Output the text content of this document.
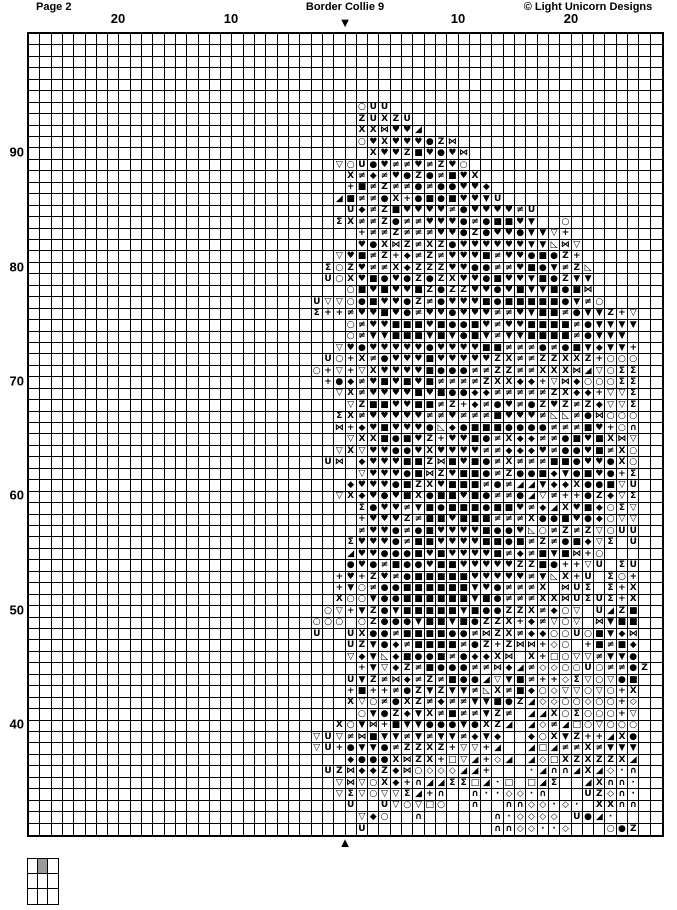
Page 2	Border Collie 9	© Light Unicorn Designs
20	10	10	20
90
80
70
60
50
40
▼
▲
○ U U
Z U X Z U
X X ⋈ ♥ ♥ ◢
○ ♥ X ♥ ♥ ♥ ● Z ⋈
X ♥ ♥ Z ■ ♥ ● ♥ ⋈
▽ ○ U ● ♥ ≠ ≠ ♥ ≠ Z ♥ ○
X ≠ ◆ ≠ ♥ ● Z ● ≠ ■ ♥ X
+ ■ ≠ Z ≠ ≠ ● ≠ ● ● ♥ ♥ ◆
◢ ■ ≠ ≠ ● X + ● ■ ● ■ ♥ ♥ ▼ U
U ◆ ≠ Z ■ ♥ ♥ ♥ ♥ ≠ ● ♥ ♥ ♥ ♥ ≠ U
Σ X ≠ ≠ Z ● ≠ ≠ ♥ ♥ ♥ ● ≠ ● ■ ■ ♥ ▼	○
+ ≠ ≠ Z ≠ ≠ ≠ ♥ ♥ ● Z ● ♥ ♥ ● ▼ ▼ ▽ +
♥ ● X ⋈ Z ≠ X Z ● ♥ ♥ ♥ ♥ ♥ ♥ ▼ ▼ ◺ ⋈ ▽
▽ ♥ ■ ≠ Z + ◆ ≠ Z ≠ ♥ ♥ ♥ ■ ≠ ♥ ♥ ● ■ ● Z +
Σ ○ Z ♥ ≠ ≠ X ◆ Z Z Z ♥ ♥ ● ● ≠ ≠ ♥ ■ ● ▼ ≠ Z ◺
U ○ X ♥ ■ ● ♥ ● Z ● Z X ♥ ♥ ● ■ ♥ ♥ ▼ ■ ● Z ▼ ▼
○ ■ ♥ ■ ♥ ♥ ■ Z ● Z Z ♥ ♥ ● ♥ ■ ▼ ▼ ■ ● ■ ⋈
U ▽ ▽ ○ ● ■ ♥ ♥ ● Z ≠ ● ♥ ♥ ♥ ■ ● ■ ■ ■ ■ ■ ● ▼ ≠ ○
Σ + + ≠ ♥ ♥ ■ ♥ ● ≠ ♥ ♥ ● ♥ ♥ ♥ ≠ ≠ ♥ ▼ ■ ■ ≠ ● ▼ ▼ Z + ▽
○ ≠ ♥ ♥ ■ ■ ■ ♥ ■ ● ● ■ ♥ ≠ ♥ ♥ ■ ■ ■ ■ ≠ ● ▼ ▼ ▼ ▼
○ ≠ ▼ ▼ ■ ■ ■ ▼ ■ ▼ ● ■ ▼ ≠ ▼ ▼ ■ ■ ■ ■ ≠ ● ▼ ▼ ▼
▽ ♥ ● ♥ ♥ ♥ ♥ ♥ ● ♥ ♥ ♥ ♥ ■ ■ ≠ ≠ ≠ ● ≠ ● ■ ▼ ◆ ▼ ▼ +
U ○ + X ≠ ● ♥ ♥ ♥ ■ ♥ ♥ ♥ ♥ ♥ Z X ≠ ≠ Z Z X X Z + ○ ○ ○
○ + ▽ + ▽ X ♥ ♥ ♥ ♥ ■ ● ● ● ≠ ≠ Z Z ≠ ≠ X X X ⋈ ◢ ▽ ○ Σ Σ
+ ● ◆ ≠ ♥ ■ ♥ ■ ♥ ■ ≠ ≠ ≠ ≠ Z X X ◆ ◆ + ▽ ⋈ ◆ ○ ○ ○ Σ Σ
▽ X ≠ ♥ ♥ ♥ ♥ ■ ♥ ■ ● ● ◆ ◆ ≠ ≠ ≠ ≠ ≠ Z X ◆ ◆ + ▽ ▽ Σ
▽ Z ■ ■ ♥ ♥ ■ ■ ≠ Z + ◆ ≠ ● ♥ ≠ ● Z ♥ Z ≠ Z ◆ ▽ ▽ Σ
Σ X ≠ ♥ ♥ ♥ ♥ ♥ ≠ ≠ ♥ ≠ ≠ ≠ ■ ♥ ♥ ♥ ≠ ◺ ◺ ≠ ● ⋈ ○ ○ ○
⋈ + ◆ ♥ ■ ♥ ♥ ♥ ● ◺ ◆ ● ■ ■ ■ ● ● ● ● ≠ ≠ ≠ ■ ♥ + ○ ∩
▽ X X ■ ● ■ ♥ Z + ♥ ♥ ■ ● ≠ X ◆ ◆ ≠ ≠ ● ■ ♥ ■ X ⋈ ▽
▽ X ▽ ♥ ♥ ● ● ♥ X ♥ ♥ ♥ ♥ ≠ ≠ ◆ ◆ ◆ ♥ ≠ ● ● ♥ ■ ≠ X ○
U ⋈ ◆ ♥ ♥ ♥ ■ ■ Z ⋈ ■ ♥ ■ ● ≠ X ≠ ≠ ≠ ■ ■ ● ♥ ♥ ● X ○
▽ ♥ ♥ ♥ ● ■ ⋈ Z ♥ ■ ■ ● ≠ Z ● ● ■ ◆ ▼ ● ■ ♥ ● + Σ
◆ ♥ ♥ ♥ ● ■ Z X ♥ ■ ■ ■ ≠ ● ≠ ◢ ◢ ▼ ◆ ◆ X ● ● ■ ▽ U
▽ X ◆ ♥ ● ♥ ■ X ● ■ ■ ♥ ■ ● ≠ ≠ ● ◢ ▽ ≠ + + ● Z ◆ ▽ Σ
Σ ● ♥ ♥ ≠ ▼ ■ ● ■ ■ ■ ● ■ ■ ♥ ≠ ◆ ◢ X ♥ ■ ◆ ○ Σ ▽
+ ♥ ♥ ♥ Z ≠ ■ ■ ♥ ■ ■ ■ ≠ ≠ ≠ X ● ● ■ ♥ ● ◆ ○ ▽ ▽
≠ ♥ ♥ ● ≠ ● ■ ♥ ♥ ♥ ♥ ■ ● ● ♥ ◺ ○ ≠ Z ≠ Z ▽ ○ U U
Σ ♥ ♥ ♥ ● ≠ ■ ■ ♥ ♥ ♥ ♥ ■ ■ ● ■ ≠ Z ≠ ● ■ ◆ ▽ Σ	U
◢ ♥ ♥ ● ● ● ■ ♥ ■ ♥ ♥ ♥ ♥ ■ ≠ ◆ ≠ ■ ▼ ■ ⋈ + ○
● ♥ ● ≠ ■ ● ● ♥ ■ ■ ♥ ♥ ♥ ♥ ♥ Z Z ■ ● + + ▽ U Σ U
+ ♥ + Z ♥ ≠ ● ■ ■ ■ ■ ■ ♥ ♥ ♥ ♥ ♥ ≠ ▼ ◺ X + U Σ ○ +
+ ▼ ○ ≠ ● ● ■ ■ ■ ■ ■ ■ ▼ ♥ ● ≠ ≠ ≠ X ⋈ U Σ	Σ + X
X ○ ○ ▼ ● ● ■ ■ ■ ■ ■ ■ ▼ ■ ● ≠ ≠ ≠ X X ⋈ U Σ U Σ + X
○ ▽ + ▼ Z ● ▼ ■ ■ ■ ■ ■ ▼ ■ ● ● Z Z X ≠ ◆ ○ ▽	U ◢ Z ■
○ ○ ○ ○ Z ● ● ● ▼ ■ ■ ▼ ■ ● Z Z X + ◆ ≠ ▽ ○ ▽	⋈ ▼ ■ ■
U	U X ● ● ≠ ■ ■ ■ ■ ● ● ≠ ⋈ Z X ≠ ◆ ◆ ○ ○ U ○ ■ ▼ ◆ ⋈
U Z ▼ ● ◆ ≠ ■ ■ ■ ■ ≠ ● Z + Z ⋈ ⋈ + ◇ ○ + ■ ≠ ■ ◆
▽ ◆ ▼ ◺ ◆ ■ ● ● ■ ≠ ● ◆ ◆ X ⋈ X + □ ○ ▽ ▽ ≠ ▼ ▼ ●
+ ▼ ▽ ◆ Z ≠ ■ ● ● ● ≠ ≠ ⋈ ◆ ◢ ≠ ◇ ◇ ○ ○ U ○ ≠ ≠ ● Z
U ▼ Z ≠ ⋈ ◆ ≠ Z ≠ ■ ● ● ◢ ▽ ▼ ■ ≠ + + ◇ Σ ▽ ○ ▽ ● ■
+ ■ + + ≠ ● Z ▼ Z ▼ ▼ ≠ ◺ X ≠ ■ ◆ ○ ◇ ▽ ▽ ○ ▽ ○ + X
X ▽ ○ ≠ ● X Z ≠ ◆ ≠ ≠ ▼ ▼ ■ ● Z ◢ ◇ ◇ ○ ○ ◇ ○ ○ + ◇
○ ▼ ● Z ◆ ▼ X ≠ ■ ≠ ≠ ▼ Z ≠ ◢ ◢ X ○ Σ ○ ○ ○ + ▽
X ○ ▼ ⋈ + ■ ▼ ▼ ● ● ● ▼ ● X Z ◢ ◢ ◇ ≠ ◢ □ ○ ▽ ○ ○ ○
▽ U ▽ ≠ ⋈ ■ ▼ ▼ ≠ ▼ ≠ ▼ ▼ ≠ ◆ ▼ ◆	◆ ○ X ▼ Z + + ◢ X ●
▽ U + ● ▼ ▼ ● ≠ Z Z X Z + ▽ ▽ + ◢	◢ □ ◢ ≠ ≠ X ≠ ▼ ▼ ▼
◆ ● ● ● X ⋈ Z X + □ ▽ ◢ + ◇ ◢ ◢ ◇ □ X Z X Z Z X ◢
U Z ⋈ ◆ ◆ Z ◆ ⋈ ○ ◇ ◇ ◇ ◢ ◢ +	· ◢ ∩ ∩ ◢ X ◢ ◇ · ∩
▽ ⋈ ▽ ○ X ◆ + ∩ ◢ ◢ Σ Σ □ ◢ · □ □ ◢ Σ	◢ X ∩ ∩ ·
▽ Σ ▽ ○ ▽ ▽ Σ ◢ + ∩	∩ · · ◇ ◇ · ∩	U Z ◇ ∩ ·
U	U ▽ ○ ▽ □ ○	∩	∩ ∩ ◇ ◇ · ◇ ·	X X ∩ ∩
▽ ◆ ○	∩	∩ · ◇ ◇ ◇ ◇	U ● ◢ ·
U	∩ ∩ ◇ ◇ · · ◇	○ ● Z
